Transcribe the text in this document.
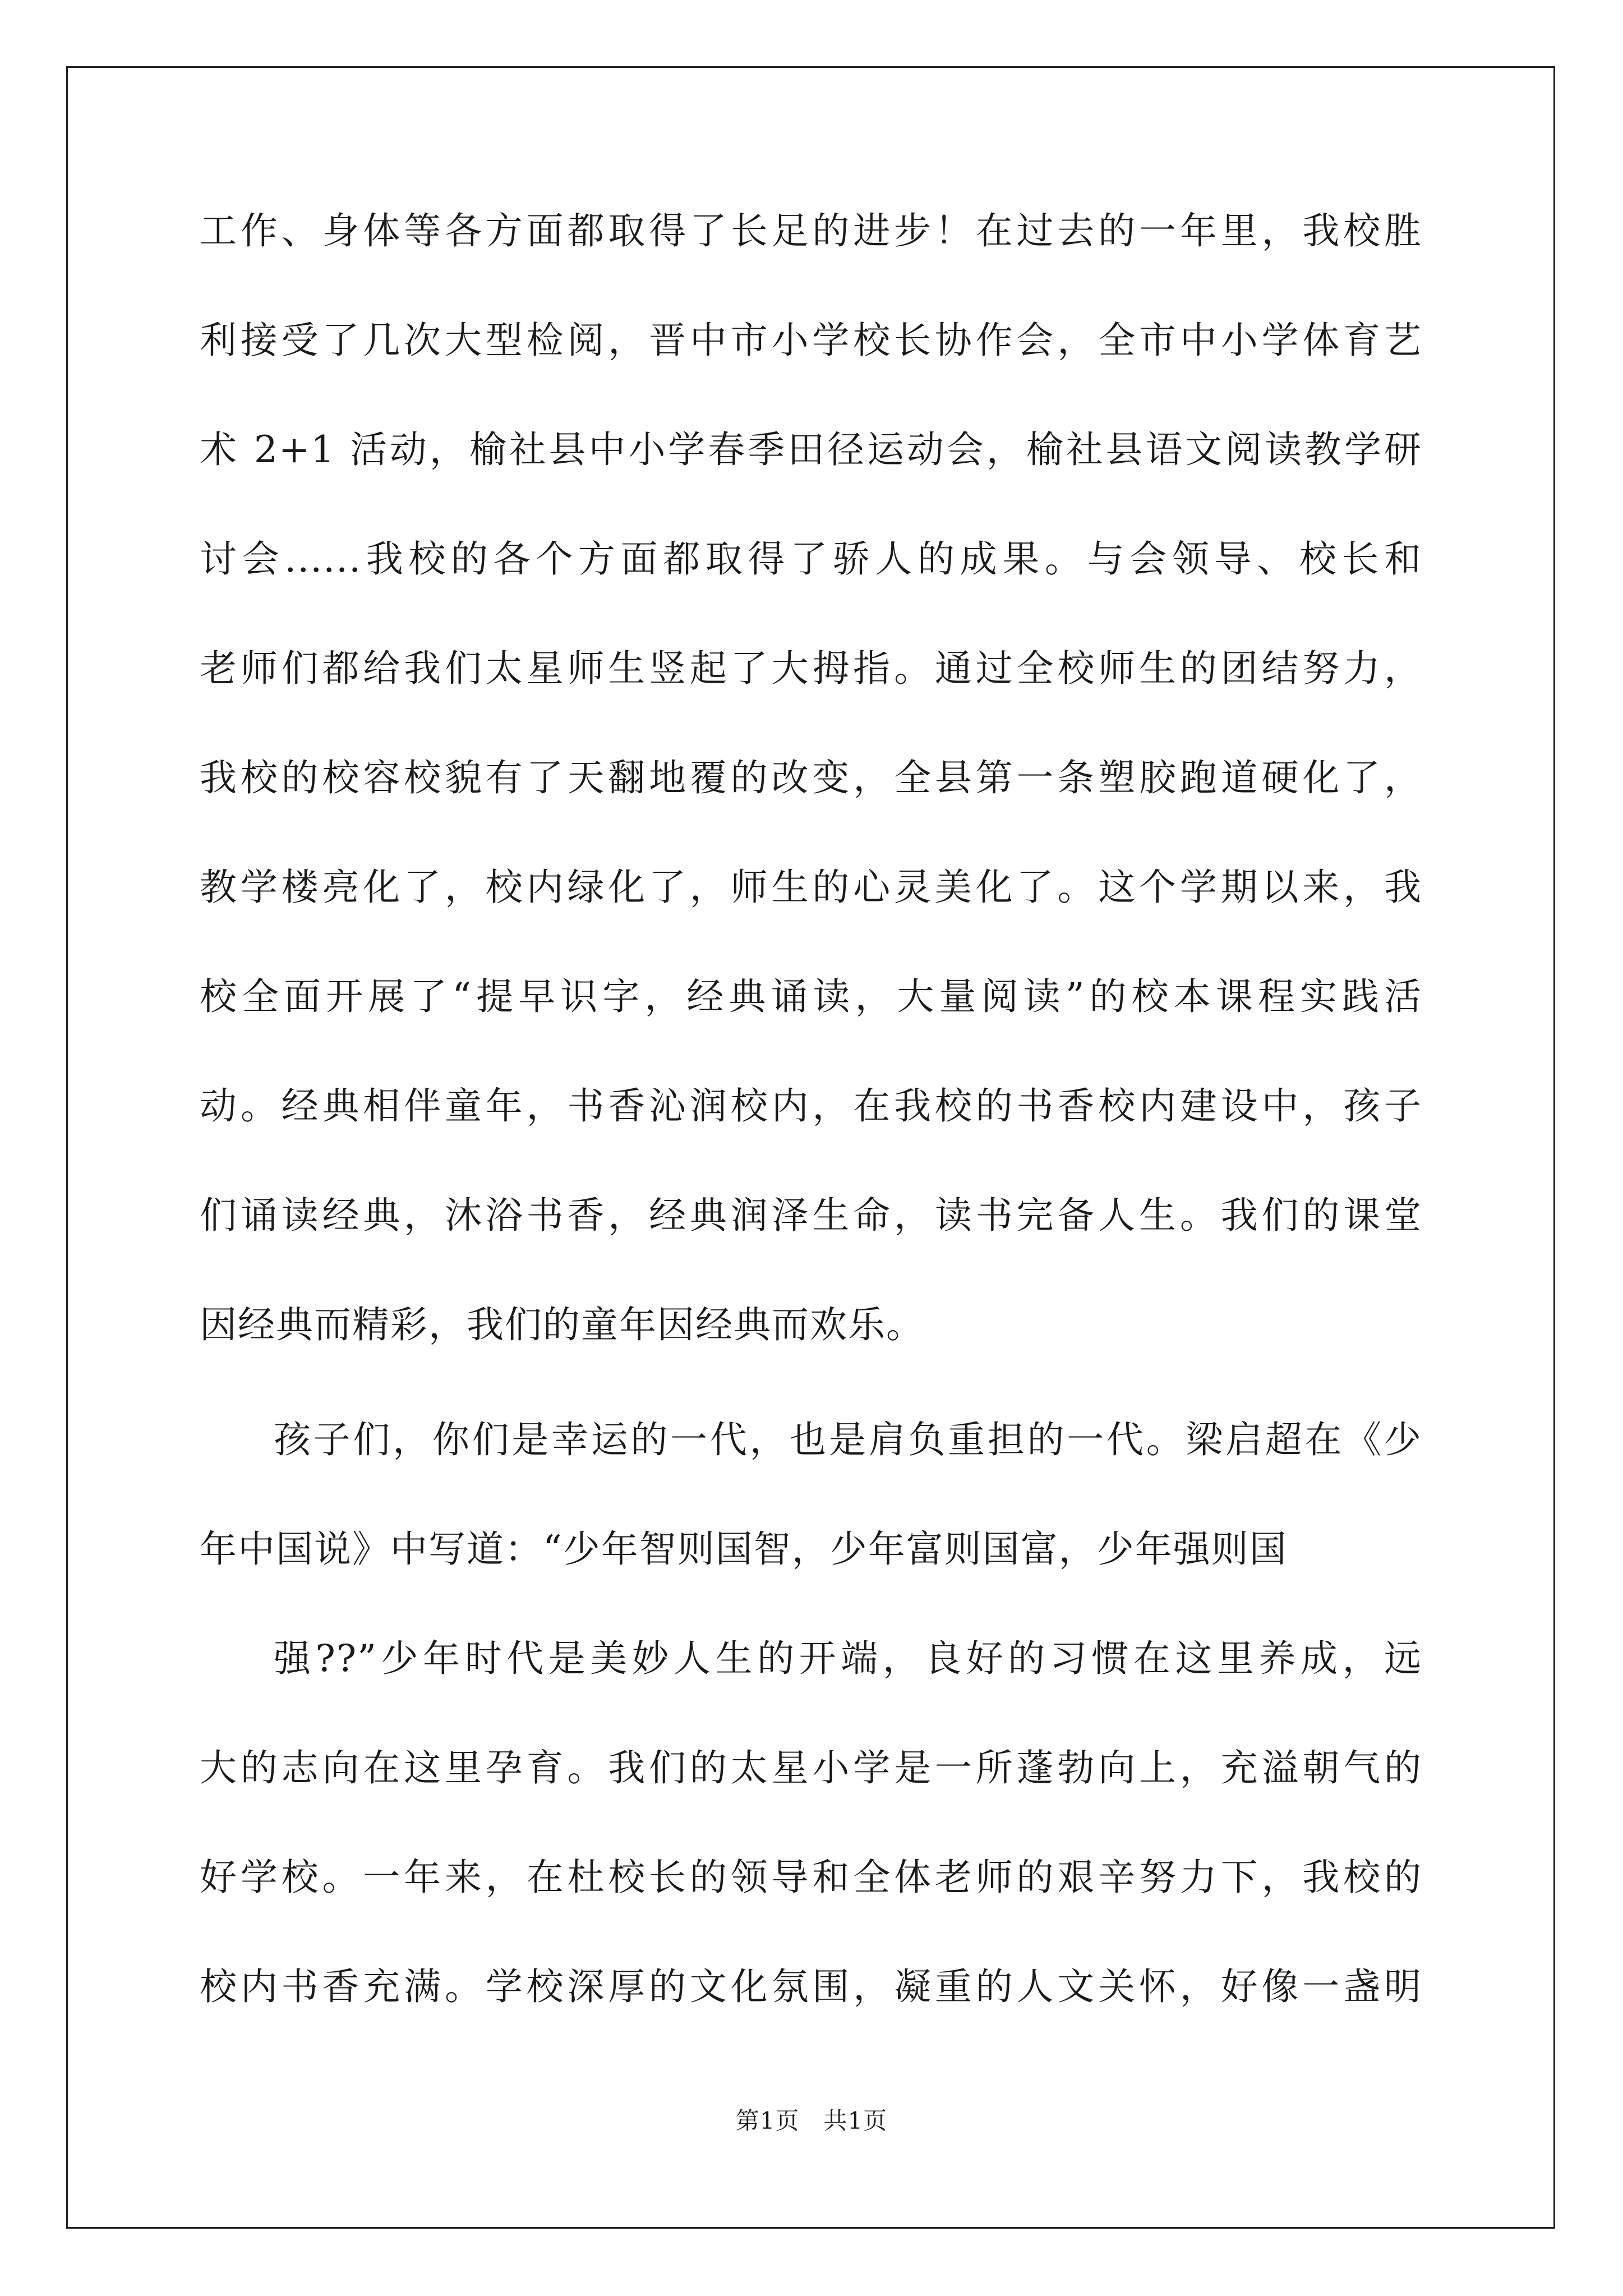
工作、身体等各方面都取得了长足的进步！在过去的一年里，我校胜
利接受了几次大型检阅，晋中市小学校长协作会，全市中小学体育艺
术 2+1 活动，榆社县中小学春季田径运动会，榆社县语文阅读教学研
讨会......我校的各个方面都取得了骄人的成果。与会领导、校长和
老师们都给我们太星师生竖起了大拇指。通过全校师生的团结努力，
我校的校容校貌有了天翻地覆的改变，全县第一条塑胶跑道硬化了，
教学楼亮化了，校内绿化了，师生的心灵美化了。这个学期以来，我
校全面开展了“提早识字，经典诵读，大量阅读”的校本课程实践活
动。经典相伴童年，书香沁润校内，在我校的书香校内建设中，孩子
们诵读经典，沐浴书香，经典润泽生命，读书完备人生。我们的课堂
因经典而精彩，我们的童年因经典而欢乐。
孩子们，你们是幸运的一代，也是肩负重担的一代。梁启超在《少
年中国说》中写道：“少年智则国智，少年富则国富，少年强则国
强??”少年时代是美妙人生的开端，良好的习惯在这里养成，远
大的志向在这里孕育。我们的太星小学是一所蓬勃向上，充溢朝气的
好学校。一年来，在杜校长的领导和全体老师的艰辛努力下，我校的
校内书香充满。学校深厚的文化氛围，凝重的人文关怀，好像一盏明
第1页　共1页
